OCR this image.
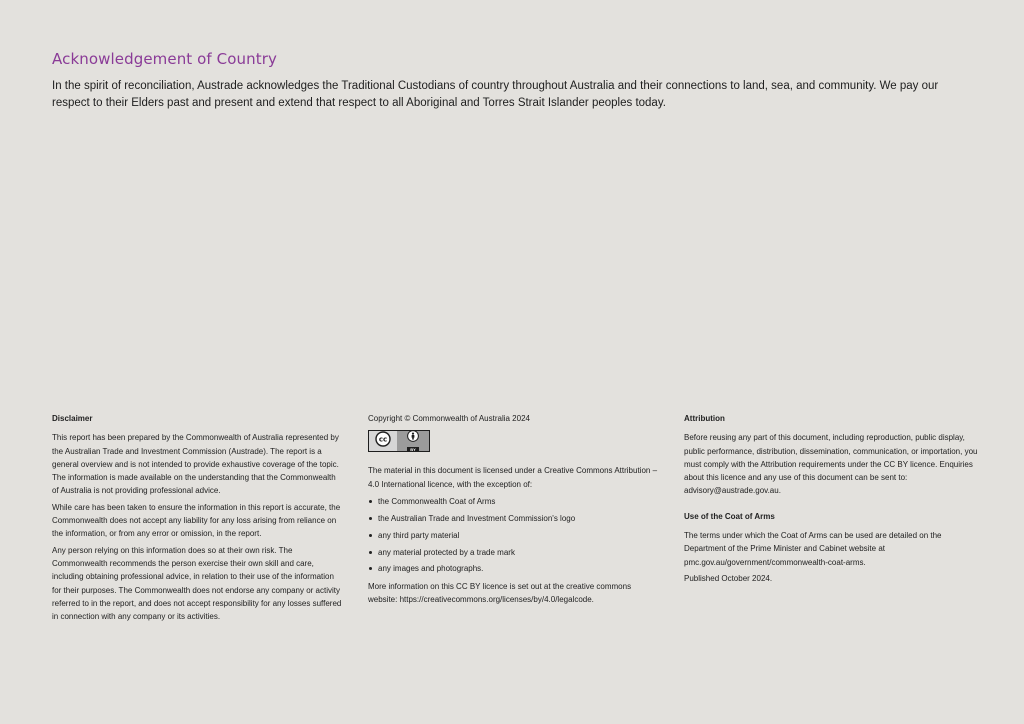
Acknowledgement of Country

In the spirit of reconciliation, Austrade acknowledges the Traditional Custodians of country throughout Australia and their connections to land, sea, and community. We pay our respect to their Elders past and present and extend that respect to all Aboriginal and Torres Strait Islander peoples today.

Disclaimer

This report has been prepared by the Commonwealth of Australia represented by the Australian Trade and Investment Commission (Austrade). The report is a general overview and is not intended to provide exhaustive coverage of the topic. The information is made available on the understanding that the Commonwealth of Australia is not providing professional advice.

While care has been taken to ensure the information in this report is accurate, the Commonwealth does not accept any liability for any loss arising from reliance on the information, or from any error or omission, in the report.

Any person relying on this information does so at their own risk. The Commonwealth recommends the person exercise their own skill and care, including obtaining professional advice, in relation to their use of the information for their purposes. The Commonwealth does not endorse any company or activity referred to in the report, and does not accept responsibility for any losses suffered in connection with any company or its activities.

Copyright © Commonwealth of Australia 2024
cc
BY

The material in this document is licensed under a Creative Commons Attribution – 4.0 International licence, with the exception of:

the Commonwealth Coat of Arms
the Australian Trade and Investment Commission's logo
any third party material
any material protected by a trade mark
any images and photographs.

More information on this CC BY licence is set out at the creative commons website: https://creativecommons.org/licenses/by/4.0/legalcode.

Attribution

Before reusing any part of this document, including reproduction, public display, public performance, distribution, dissemination, communication, or importation, you must comply with the Attribution requirements under the CC BY licence. Enquiries about this licence and any use of this document can be sent to: advisory@austrade.gov.au.

Use of the Coat of Arms

The terms under which the Coat of Arms can be used are detailed on the Department of the Prime Minister and Cabinet website at pmc.gov.au/government/commonwealth-coat-arms.

Published October 2024.
